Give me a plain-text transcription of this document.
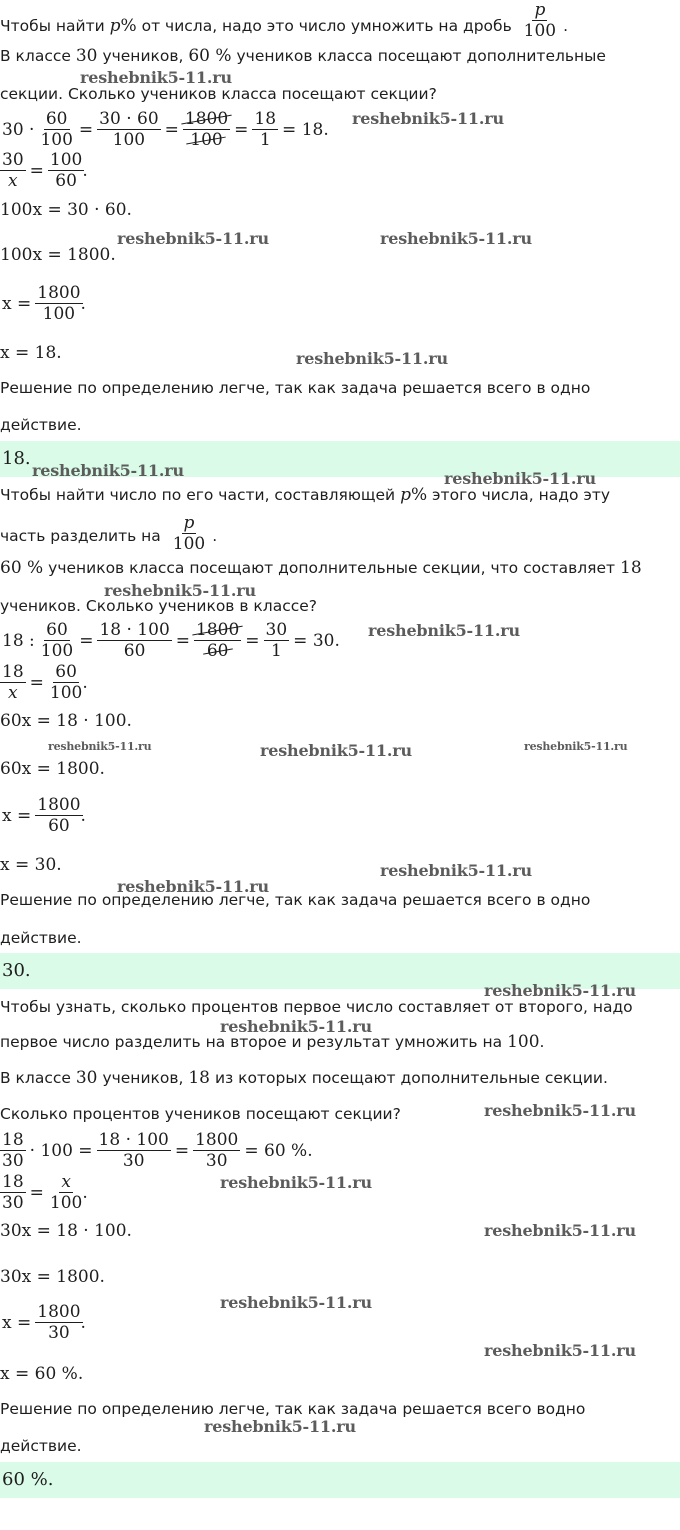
Чтобы найти p% от числа, надо это число умножить на дробь $\frac{p}{100}$ .
В классе 30 учеников, 60 % учеников класса посещают дополнительные
секции. Сколько учеников класса посещают секции?
$30 \cdot \frac{60}{100} = \frac{30 \cdot 60}{100} = \frac{1800}{100} = \frac{18}{1} = 18$.
$\frac{30}{x} = \frac{100}{60}$
.
100x = 30 · 60.
100x = 1800.
$x = \frac{1800}{100}$
.
x = 18.
Решение по определению легче, так как задача решается всего в одно
действие.
18.
Чтобы найти число по его части, составляющей p% этого числа, надо эту
часть разделить на $\frac{p}{100}$ .
60 % учеников класса посещают дополнительные секции, что составляет 18
учеников. Сколько учеников в классе?
18 : $\frac{60}{100} = \frac{18 \cdot 100}{60} = \frac{1800}{60} = \frac{30}{1} = 30$.
$\frac{18}{x} = \frac{60}{100}$
.
60x = 18 · 100.
60x = 1800.
$x = \frac{1800}{60}$
.
x = 30.
Решение по определению легче, так как задача решается всего в одно
действие.
30.
Чтобы узнать, сколько процентов первое число составляет от второго, надо
первое число разделить на второе и результат умножить на 100.
В классе 30 учеников, 18 из которых посещают дополнительные секции.
Сколько процентов учеников посещают секции?
$\frac{18}{30} \cdot 100 = \frac{18 \cdot 100}{30} = \frac{1800}{30} = 60$ %.
$\frac{18}{30} = \frac{x}{100}$
.
30x = 18 · 100.
30x = 1800.
$x = \frac{1800}{30}$
.
x = 60 %.
Решение по определению легче, так как задача решается всего водно
действие.
60 %.
reshebnik5-11.ru
reshebnik5-11.ru
reshebnik5-11.ru	reshebnik5-11.ru
reshebnik5-11.ru
reshebnik5-11.ru	reshebnik5-11.ru
reshebnik5-11.ru
reshebnik5-11.ru
reshebnik5-11.ru	reshebnik5-11.ru	reshebnik5-11.ru
reshebnik5-11.ru
reshebnik5-11.ru
reshebnik5-11.ru
reshebnik5-11.ru
reshebnik5-11.ru
reshebnik5-11.ru
reshebnik5-11.ru
reshebnik5-11.ru
reshebnik5-11.ru
reshebnik5-11.ru
